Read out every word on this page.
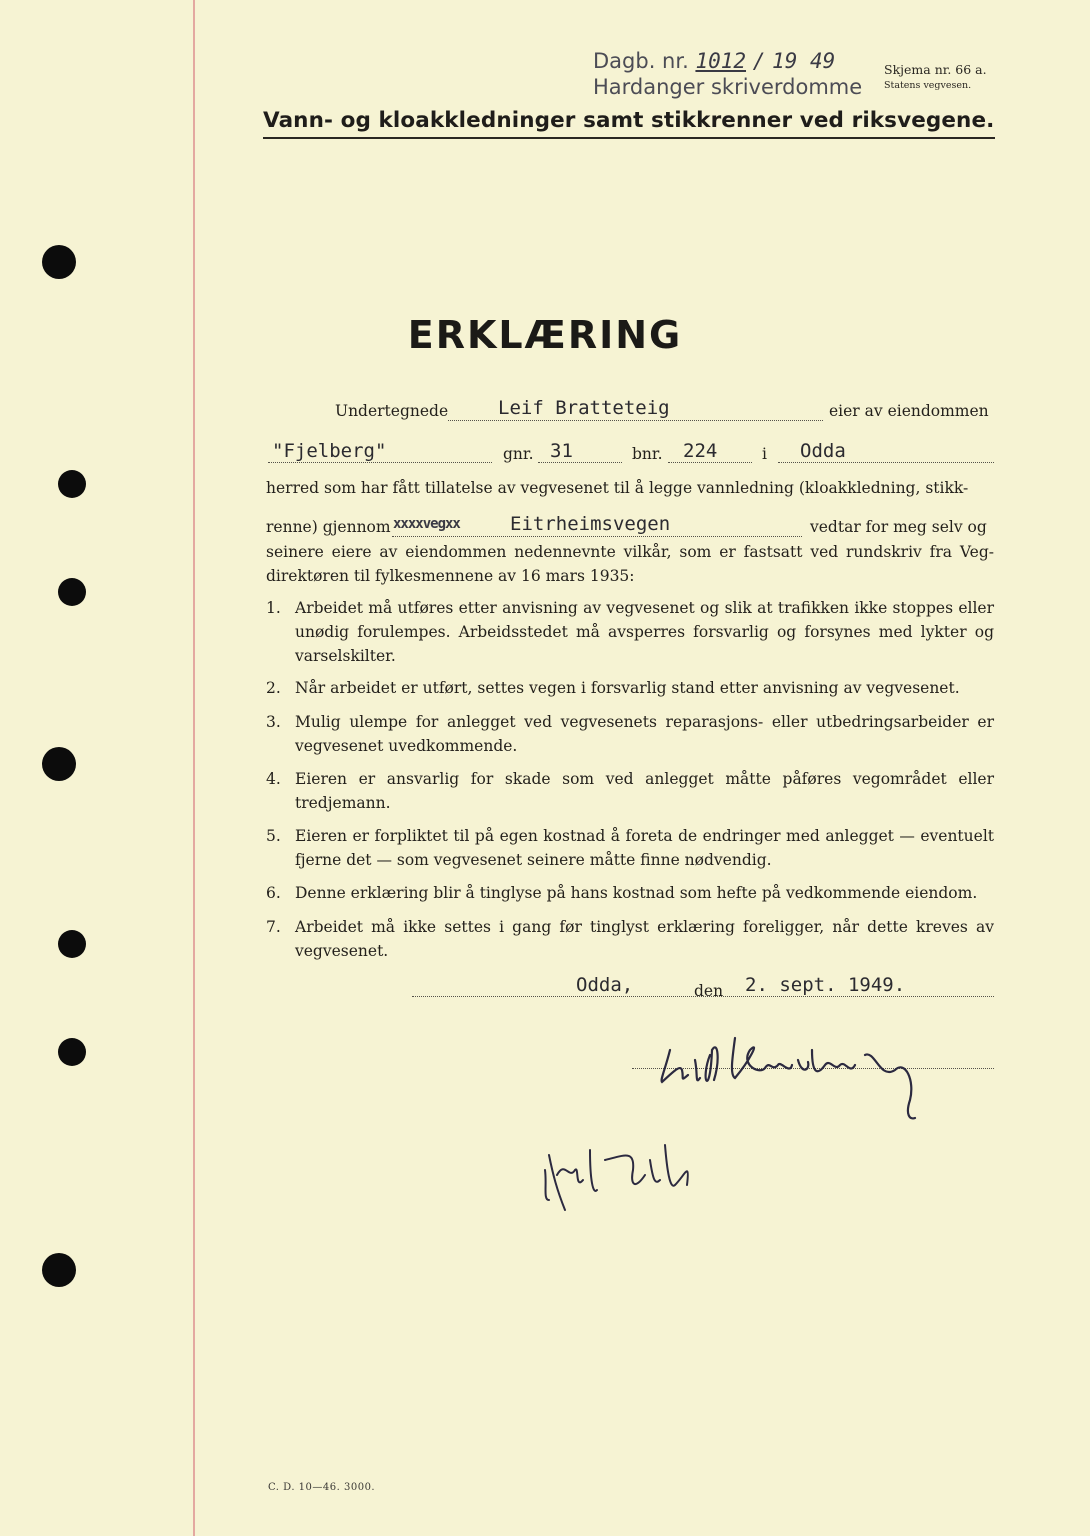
Dagb. nr. 1012 / 19 49
Hardanger skriverdomme
Skjema nr. 66 a.
Statens vegvesen.
Vann- og kloakkledninger samt stikkrenner ved riksvegene.
ERKLÆRING
Undertegnede	Leif Bratteteig	eier av eiendommen
"Fjelberg"	gnr. 31	bnr. 224	i Odda
herred som har fått tillatelse av vegvesenet til å legge vannledning (kloakkledning, stikk-
renne) gjennom xxxxvegxx	Eitrheimsvegen	vedtar for meg selv og
seinere eiere av eiendommen nedennevnte vilkår, som er fastsatt ved rundskriv fra Veg-direktøren til fylkesmennene av 16 mars 1935:
1. Arbeidet må utføres etter anvisning av vegvesenet og slik at trafikken ikke stoppes eller unødig forulempes. Arbeidsstedet må avsperres forsvarlig og forsynes med lykter og varselskilter.
2. Når arbeidet er utført, settes vegen i forsvarlig stand etter anvisning av vegvesenet.
3. Mulig ulempe for anlegget ved vegvesenets reparasjons- eller utbedringsarbeider er vegvesenet uvedkommende.
4. Eieren er ansvarlig for skade som ved anlegget måtte påføres vegområdet eller tredjemann.
5. Eieren er forpliktet til på egen kostnad å foreta de endringer med anlegget — eventuelt fjerne det — som vegvesenet seinere måtte finne nødvendig.
6. Denne erklæring blir å tinglyse på hans kostnad som hefte på vedkommende eiendom.
7. Arbeidet må ikke settes i gang før tinglyst erklæring foreligger, når dette kreves av vegvesenet.
Odda,	den 2. sept. 1949.
C. D. 10—46. 3000.
